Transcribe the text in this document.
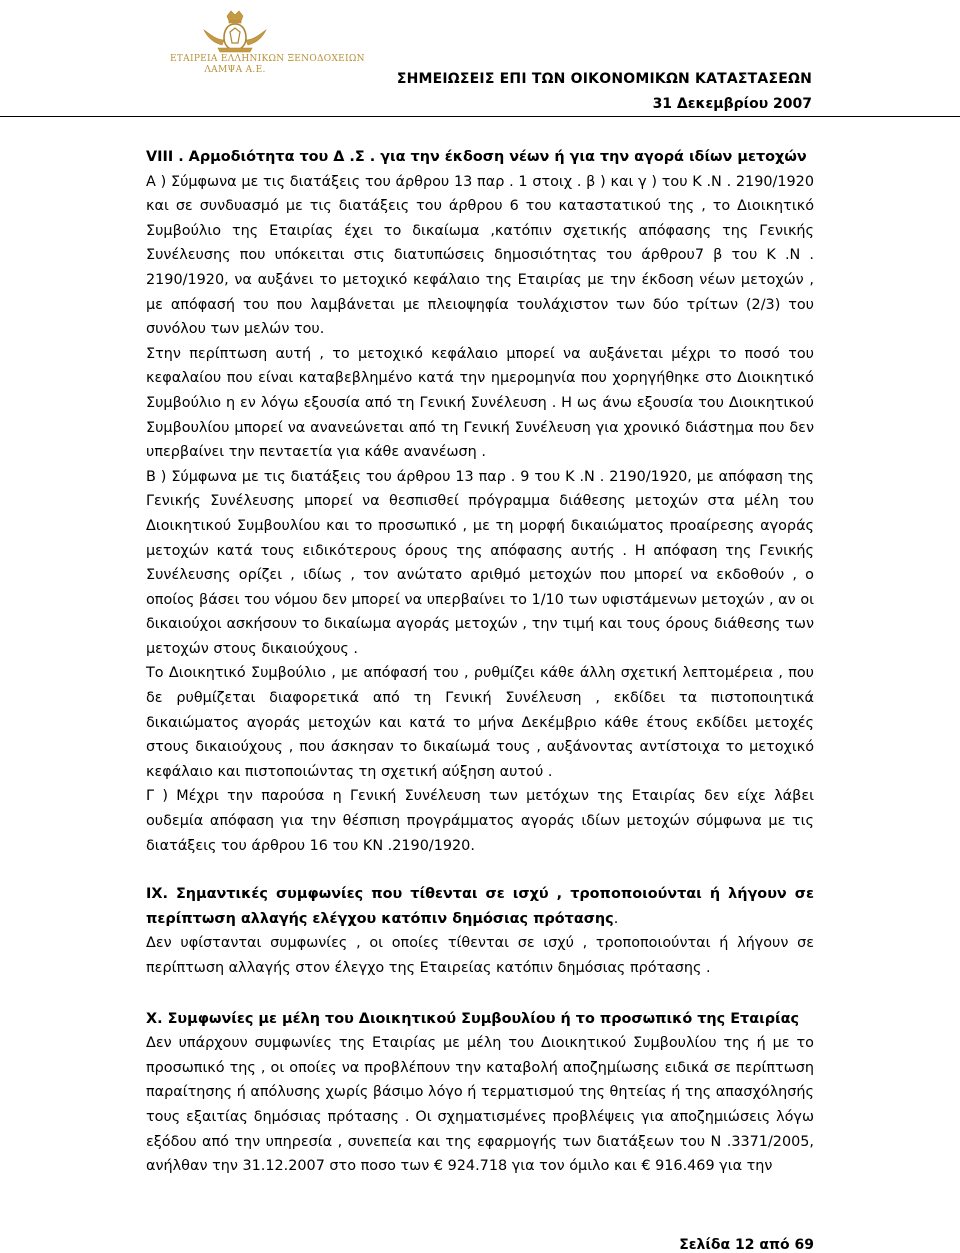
ΕΤΑΙΡΕΙΑ ΕΛΛΗΝΙΚΩΝ ΞΕΝΟΔΟΧΕΙΩΝ
ΛΑΜΨΑ Α.Ε.
ΣΗΜΕΙΩΣΕΙΣ ΕΠΙ ΤΩΝ ΟΙΚΟΝΟΜΙΚΩΝ ΚΑΤΑΣΤΑΣΕΩΝ
31 Δεκεμβρίου 2007

VIII . Αρμοδιότητα του Δ .Σ . για την έκδοση νέων ή για την αγορά ιδίων μετοχών

Α ) Σύμφωνα με τις διατάξεις του άρθρου 13 παρ . 1 στοιχ . β ) και γ ) του Κ .Ν . 2190/1920 και σε συνδυασμό με τις διατάξεις του άρθρου 6 του καταστατικού της , το Διοικητικό Συμβούλιο της Εταιρίας έχει το δικαίωμα ,κατόπιν σχετικής απόφασης της Γενικής Συνέλευσης που υπόκειται στις διατυπώσεις δημοσιότητας του άρθρου7 β του Κ .Ν . 2190/1920, να αυξάνει το μετοχικό κεφάλαιο της Εταιρίας με την έκδοση νέων μετοχών , με απόφασή του που λαμβάνεται με πλειοψηφία τουλάχιστον των δύο τρίτων (2/3) του συνόλου των μελών του.

Στην περίπτωση αυτή , το μετοχικό κεφάλαιο μπορεί να αυξάνεται μέχρι το ποσό του κεφαλαίου που είναι καταβεβλημένο κατά την ημερομηνία που χορηγήθηκε στο Διοικητικό Συμβούλιο η εν λόγω εξουσία από τη Γενική Συνέλευση . Η ως άνω εξουσία του Διοικητικού Συμβουλίου μπορεί να ανανεώνεται από τη Γενική Συνέλευση για χρονικό διάστημα που δεν υπερβαίνει την πενταετία για κάθε ανανέωση .

Β ) Σύμφωνα με τις διατάξεις του άρθρου 13 παρ . 9 του Κ .Ν . 2190/1920, με απόφαση της Γενικής Συνέλευσης μπορεί να θεσπισθεί πρόγραμμα διάθεσης μετοχών στα μέλη του Διοικητικού Συμβουλίου και το προσωπικό , με τη μορφή δικαιώματος προαίρεσης αγοράς μετοχών κατά τους ειδικότερους όρους της απόφασης αυτής . Η απόφαση της Γενικής Συνέλευσης ορίζει , ιδίως , τον ανώτατο αριθμό μετοχών που μπορεί να εκδοθούν , ο οποίος βάσει του νόμου δεν μπορεί να υπερβαίνει το 1/10 των υφιστάμενων μετοχών , αν οι δικαιούχοι ασκήσουν το δικαίωμα αγοράς μετοχών , την τιμή και τους όρους διάθεσης των μετοχών στους δικαιούχους .

Το Διοικητικό Συμβούλιο , με απόφασή του , ρυθμίζει κάθε άλλη σχετική λεπτομέρεια , που δε ρυθμίζεται διαφορετικά από τη Γενική Συνέλευση , εκδίδει τα πιστοποιητικά δικαιώματος αγοράς μετοχών και κατά το μήνα Δεκέμβριο κάθε έτους εκδίδει μετοχές στους δικαιούχους , που άσκησαν το δικαίωμά τους , αυξάνοντας αντίστοιχα το μετοχικό κεφάλαιο και πιστοποιώντας τη σχετική αύξηση αυτού .

Γ ) Μέχρι την παρούσα η Γενική Συνέλευση των μετόχων της Εταιρίας δεν είχε λάβει ουδεμία απόφαση για την θέσπιση προγράμματος αγοράς ιδίων μετοχών σύμφωνα με τις διατάξεις του άρθρου 16 του ΚΝ .2190/1920.

IX. Σημαντικές συμφωνίες που τίθενται σε ισχύ , τροποποιούνται ή λήγουν σε περίπτωση αλλαγής ελέγχου κατόπιν δημόσιας πρότασης.

Δεν υφίστανται συμφωνίες , οι οποίες τίθενται σε ισχύ , τροποποιούνται ή λήγουν σε περίπτωση αλλαγής στον έλεγχο της Εταιρείας κατόπιν δημόσιας πρότασης .

X. Συμφωνίες με μέλη του Διοικητικού Συμβουλίου ή το προσωπικό της Εταιρίας

Δεν υπάρχουν συμφωνίες της Εταιρίας με μέλη του Διοικητικού Συμβουλίου της ή με το προσωπικό της , οι οποίες να προβλέπουν την καταβολή αποζημίωσης ειδικά σε περίπτωση παραίτησης ή απόλυσης χωρίς βάσιμο λόγο ή τερματισμού της θητείας ή της απασχόλησής τους εξαιτίας δημόσιας πρότασης . Οι σχηματισμένες προβλέψεις για αποζημιώσεις λόγω εξόδου από την υπηρεσία , συνεπεία και της εφαρμογής των διατάξεων του Ν .3371/2005, ανήλθαν την 31.12.2007 στο ποσο των € 924.718 για τον όμιλο και € 916.469 για την

Σελίδα 12 από 69
